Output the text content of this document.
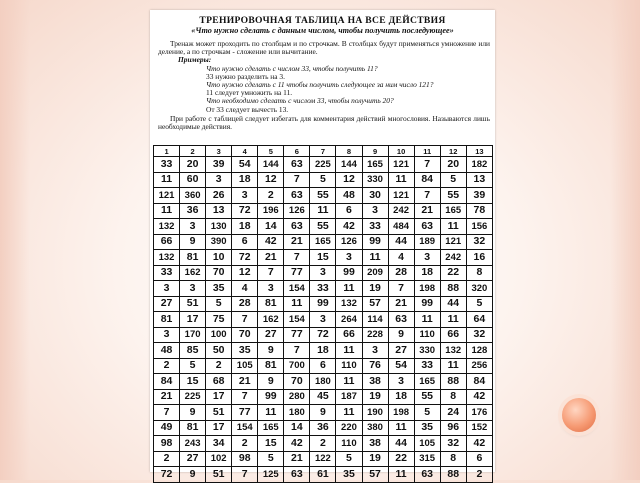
ТРЕНИРОВОЧНАЯ ТАБЛИЦА НА ВСЕ ДЕЙСТВИЯ
«Что нужно сделать с данным числом, чтобы получить последующее»
Тренаж может проходить по столбцам и по строчкам. В столбцах будут применяться умножение или деление, а по строчкам - сложение или вычитание.
Примеры:
Что нужно сделать с числом 33, чтобы получить 11?
33 нужно разделить на 3.
Что нужно сделать с 11 чтобы получить следующее за ним число 121?
11 следует умножить на 11.
Что необходимо сделать с числом 33, чтобы получить 20?
От 33 следует вычесть 13.
При работе с таблицей следует избегать для комментария действий многословия. Называются лишь необходимые действия.
1	2	3	4	5	6	7	8	9	10	11	12	13
33	20	39	54	144	63	225	144	165	121	7	20	182
11	60	3	18	12	7	5	12	330	11	84	5	13
121	360	26	3	2	63	55	48	30	121	7	55	39
11	36	13	72	196	126	11	6	3	242	21	165	78
132	3	130	18	14	63	55	42	33	484	63	11	156
66	9	390	6	42	21	165	126	99	44	189	121	32
132	81	10	72	21	7	15	3	11	4	3	242	16
33	162	70	12	7	77	3	99	209	28	18	22	8
3	3	35	4	3	154	33	11	19	7	198	88	320
27	51	5	28	81	11	99	132	57	21	99	44	5
81	17	75	7	162	154	3	264	114	63	11	11	64
3	170	100	70	27	77	72	66	228	9	110	66	32
48	85	50	35	9	7	18	11	3	27	330	132	128
2	5	2	105	81	700	6	110	76	54	33	11	256
84	15	68	21	9	70	180	11	38	3	165	88	84
21	225	17	7	99	280	45	187	19	18	55	8	42
7	9	51	77	11	180	9	11	190	198	5	24	176
49	81	17	154	165	14	36	220	380	11	35	96	152
98	243	34	2	15	42	2	110	38	44	105	32	42
2	27	102	98	5	21	122	5	19	22	315	8	6
72	9	51	7	125	63	61	35	57	11	63	88	2
